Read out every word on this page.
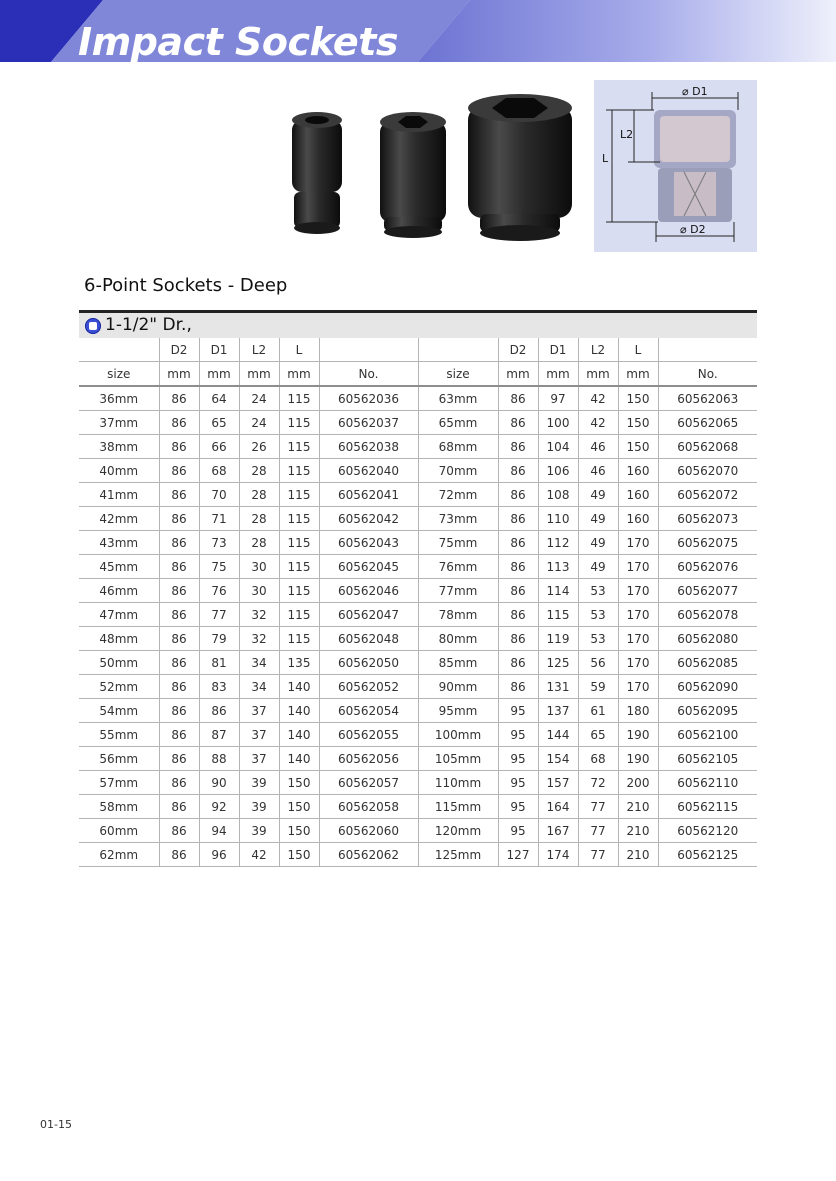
Impact Sockets
⌀ D1
⌀ D2
L
L2
6-Point Sockets - Deep
1-1/2" Dr.,
	D2	D1	L2	L			D2	D1	L2	L	
size	mm	mm	mm	mm	No.	size	mm	mm	mm	mm	No.
36mm	86	64	24	115	60562036	63mm	86	97	42	150	60562063
37mm	86	65	24	115	60562037	65mm	86	100	42	150	60562065
38mm	86	66	26	115	60562038	68mm	86	104	46	150	60562068
40mm	86	68	28	115	60562040	70mm	86	106	46	160	60562070
41mm	86	70	28	115	60562041	72mm	86	108	49	160	60562072
42mm	86	71	28	115	60562042	73mm	86	110	49	160	60562073
43mm	86	73	28	115	60562043	75mm	86	112	49	170	60562075
45mm	86	75	30	115	60562045	76mm	86	113	49	170	60562076
46mm	86	76	30	115	60562046	77mm	86	114	53	170	60562077
47mm	86	77	32	115	60562047	78mm	86	115	53	170	60562078
48mm	86	79	32	115	60562048	80mm	86	119	53	170	60562080
50mm	86	81	34	135	60562050	85mm	86	125	56	170	60562085
52mm	86	83	34	140	60562052	90mm	86	131	59	170	60562090
54mm	86	86	37	140	60562054	95mm	95	137	61	180	60562095
55mm	86	87	37	140	60562055	100mm	95	144	65	190	60562100
56mm	86	88	37	140	60562056	105mm	95	154	68	190	60562105
57mm	86	90	39	150	60562057	110mm	95	157	72	200	60562110
58mm	86	92	39	150	60562058	115mm	95	164	77	210	60562115
60mm	86	94	39	150	60562060	120mm	95	167	77	210	60562120
62mm	86	96	42	150	60562062	125mm	127	174	77	210	60562125
01-15
